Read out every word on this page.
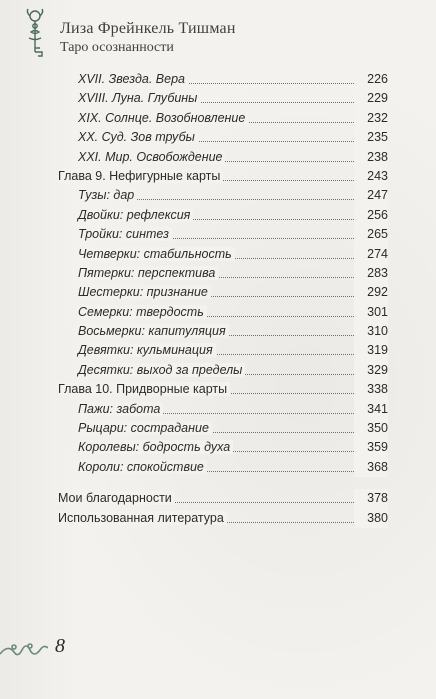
Лиза Фрейнкель Тишман
Таро осознанности
XVII. Звезда. Вера	226
XVIII. Луна. Глубины	229
XIX. Солнце. Возобновление	232
XX. Суд. Зов трубы	235
XXI. Мир. Освобождение	238
Глава 9. Нефигурные карты	243
Тузы: дар	247
Двойки: рефлексия	256
Тройки: синтез	265
Четверки: стабильность	274
Пятерки: перспектива	283
Шестерки: признание	292
Семерки: твердость	301
Восьмерки: капитуляция	310
Девятки: кульминация	319
Десятки: выход за пределы	329
Глава 10. Придворные карты	338
Пажи: забота	341
Рыцари: сострадание	350
Королевы: бодрость духа	359
Короли: спокойствие	368
Мои благодарности	378
Использованная литература	380
8
